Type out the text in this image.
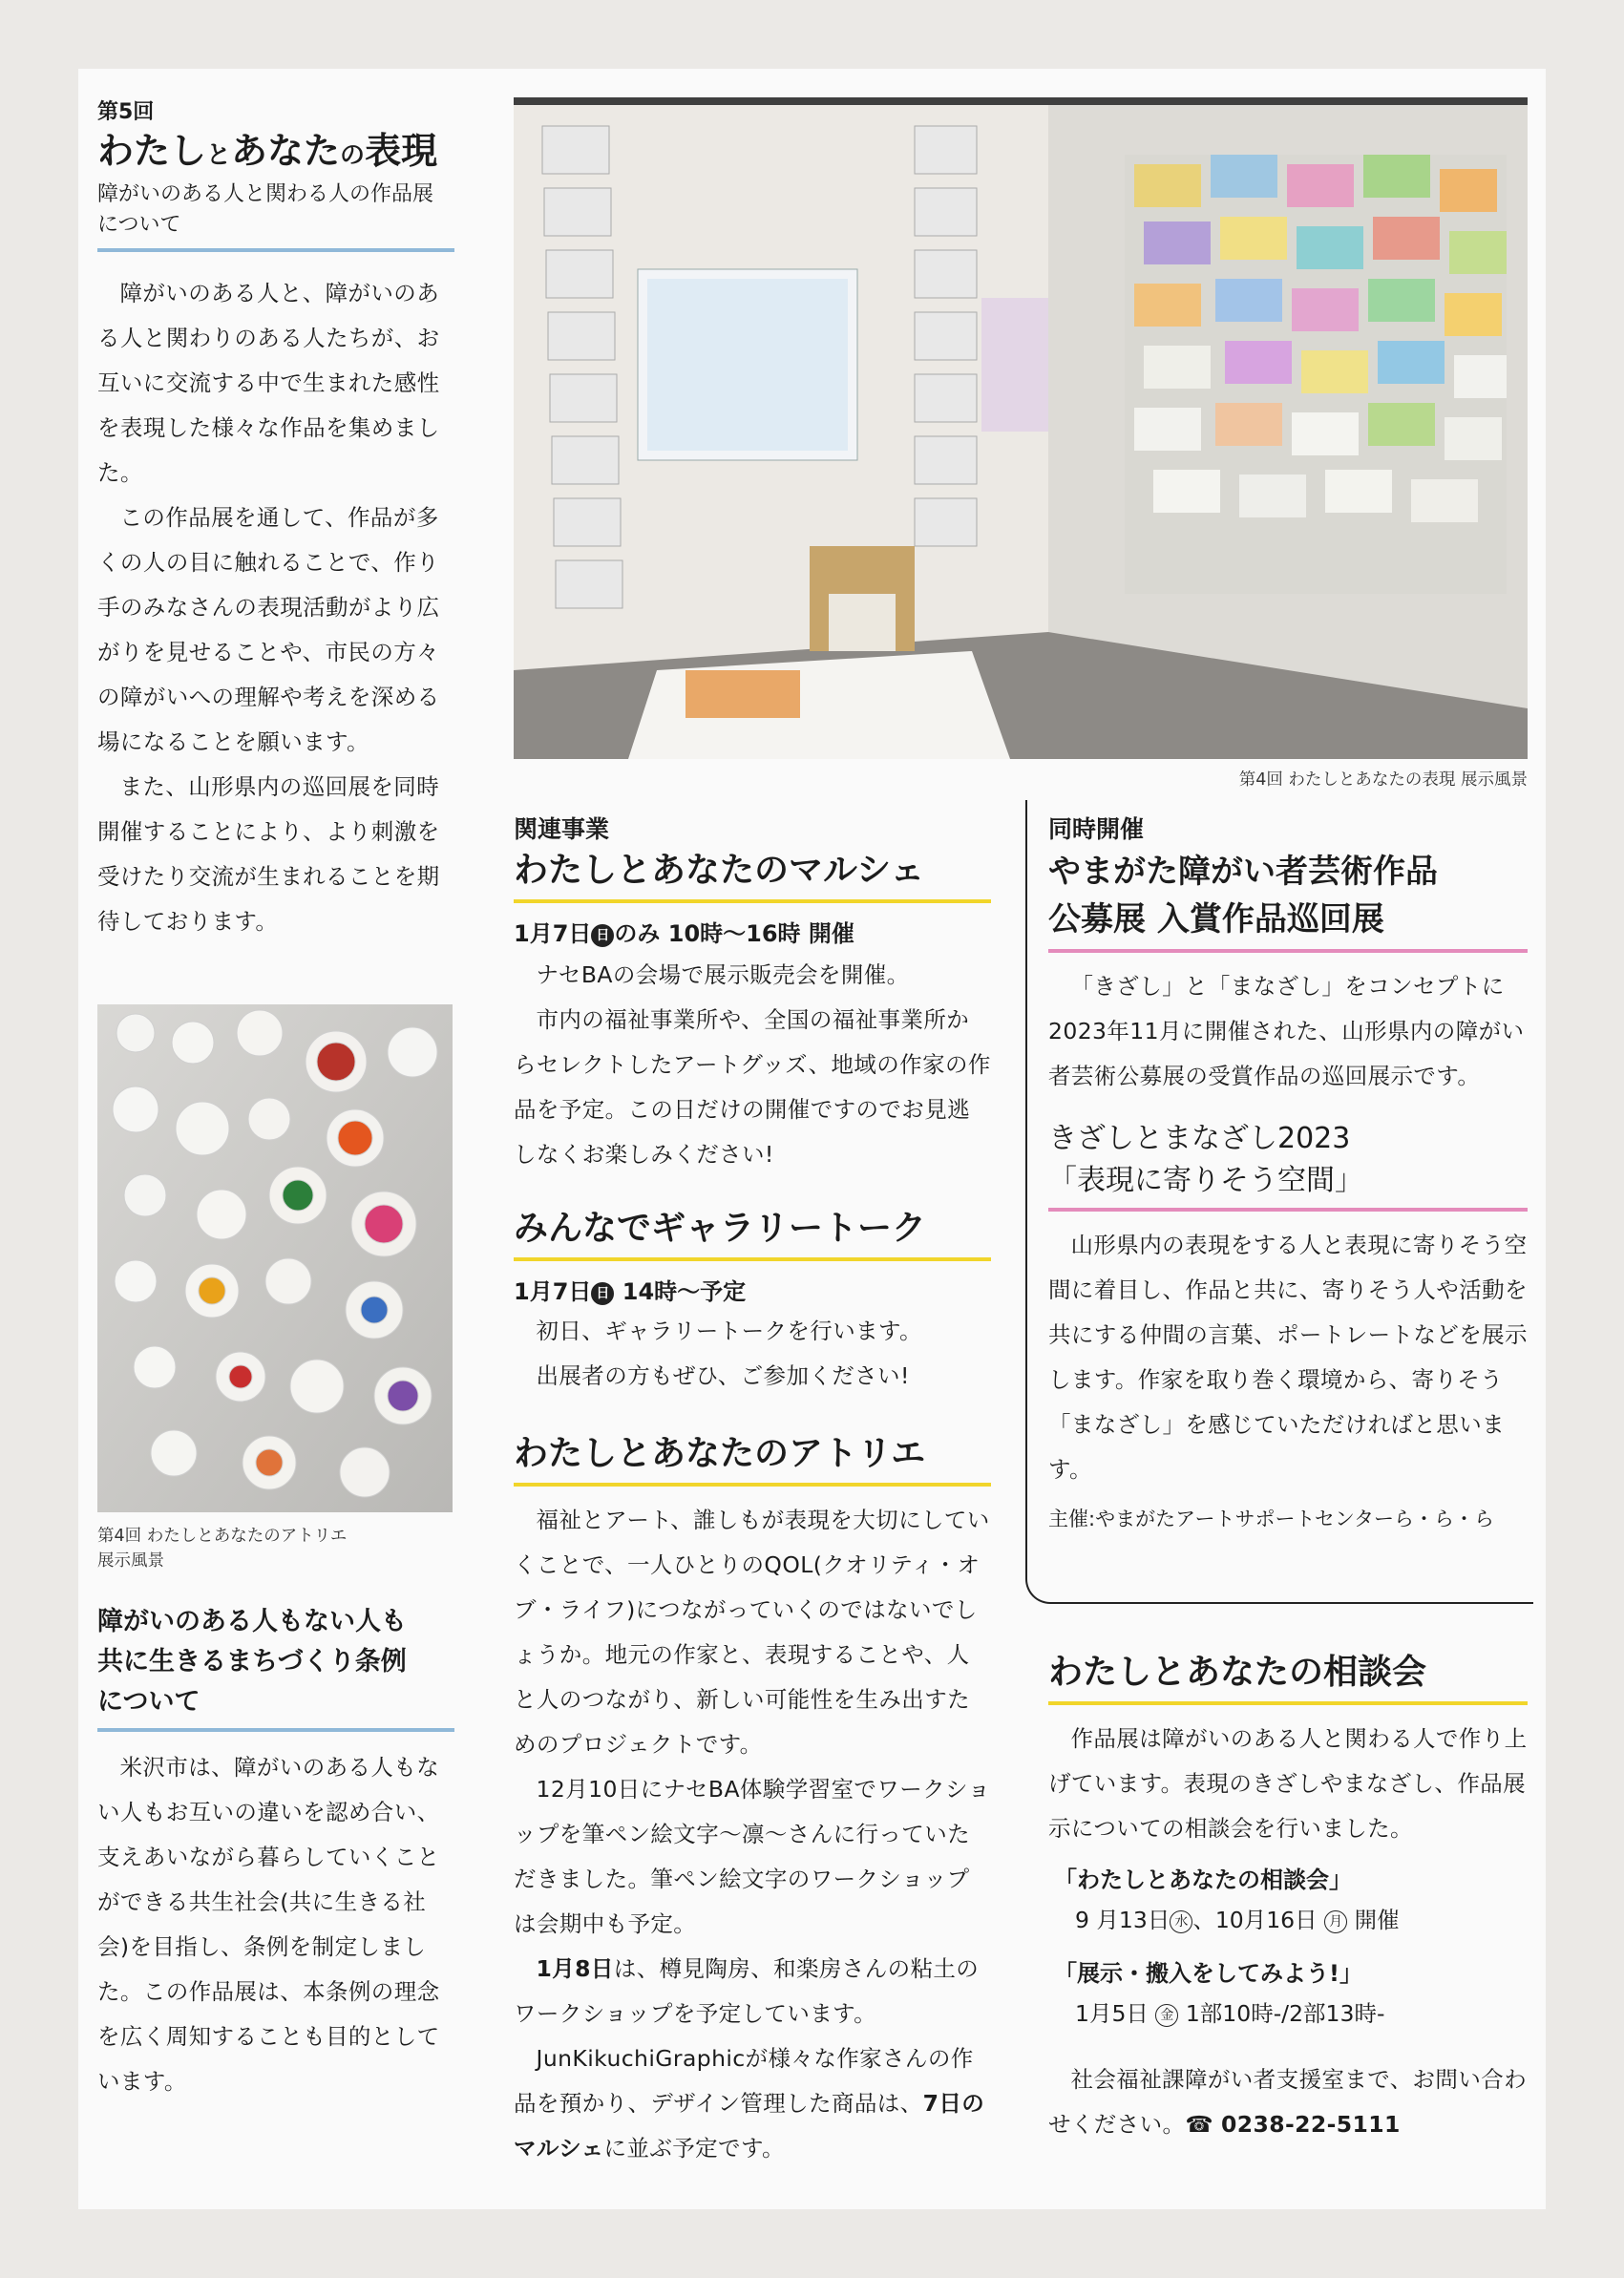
第5回

わたしとあなたの表現

障がいのある人と関わる人の作品展

について

障がいのある人と、障がいのある人と関わりのある人たちが、お互いに交流する中で生まれた感性を表現した様々な作品を集めました。

この作品展を通して、作品が多くの人の目に触れることで、作り手のみなさんの表現活動がより広がりを見せることや、市民の方々の障がいへの理解や考えを深める場になることを願います。

また、山形県内の巡回展を同時開催することにより、より刺激を受けたり交流が生まれることを期待しております。

第4回 わたしとあなたのアトリエ
展示風景

障がいのある人もない人も

共に生きるまちづくり条例

について

米沢市は、障がいのある人もない人もお互いの違いを認め合い、支えあいながら暮らしていくことができる共生社会(共に生きる社会)を目指し、条例を制定しました。この作品展は、本条例の理念を広く周知することも目的としています。

第4回 わたしとあなたの表現 展示風景

関連事業

わたしとあなたのマルシェ

1月7日 日 のみ 10時〜16時 開催

ナセBAの会場で展示販売会を開催。

市内の福祉事業所や、全国の福祉事業所からセレクトしたアートグッズ、地域の作家の作品を予定。この日だけの開催ですのでお見逃しなくお楽しみください!

みんなでギャラリートーク

1月7日 日 14時〜予定

初日、ギャラリートークを行います。

出展者の方もぜひ、ご参加ください!

わたしとあなたのアトリエ

福祉とアート、誰しもが表現を大切にしていくことで、一人ひとりのQOL(クオリティ・オブ・ライフ)につながっていくのではないでしょうか。地元の作家と、表現することや、人と人のつながり、新しい可能性を生み出すためのプロジェクトです。

12月10日にナセBA体験学習室でワークショップを筆ペン絵文字〜凛〜さんに行っていただきました。筆ペン絵文字のワークショップは会期中も予定。

1月8日は、樽見陶房、和楽房さんの粘土のワークショップを予定しています。

JunKikuchiGraphicが様々な作家さんの作品を預かり、デザイン管理した商品は、7日のマルシェに並ぶ予定です。

同時開催

やまがた障がい者芸術作品

公募展 入賞作品巡回展

「きざし」と「まなざし」をコンセプトに2023年11月に開催された、山形県内の障がい者芸術公募展の受賞作品の巡回展示です。

きざしとまなざし2023

「表現に寄りそう空間」

山形県内の表現をする人と表現に寄りそう空間に着目し、作品と共に、寄りそう人や活動を共にする仲間の言葉、ポートレートなどを展示します。作家を取り巻く環境から、寄りそう「まなざし」を感じていただければと思います。

主催:やまがたアートサポートセンターら・ら・ら

わたしとあなたの相談会

作品展は障がいのある人と関わる人で作り上げています。表現のきざしやまなざし、作品展示についての相談会を行いました。

「わたしとあなたの相談会」

9 月13日 水 、10月16日 月 開催

「展示・搬入をしてみよう!」

1月5日 金 1部10時-/2部13時-

社会福祉課障がい者支援室まで、お問い合わせください。☎ 0238-22-5111
